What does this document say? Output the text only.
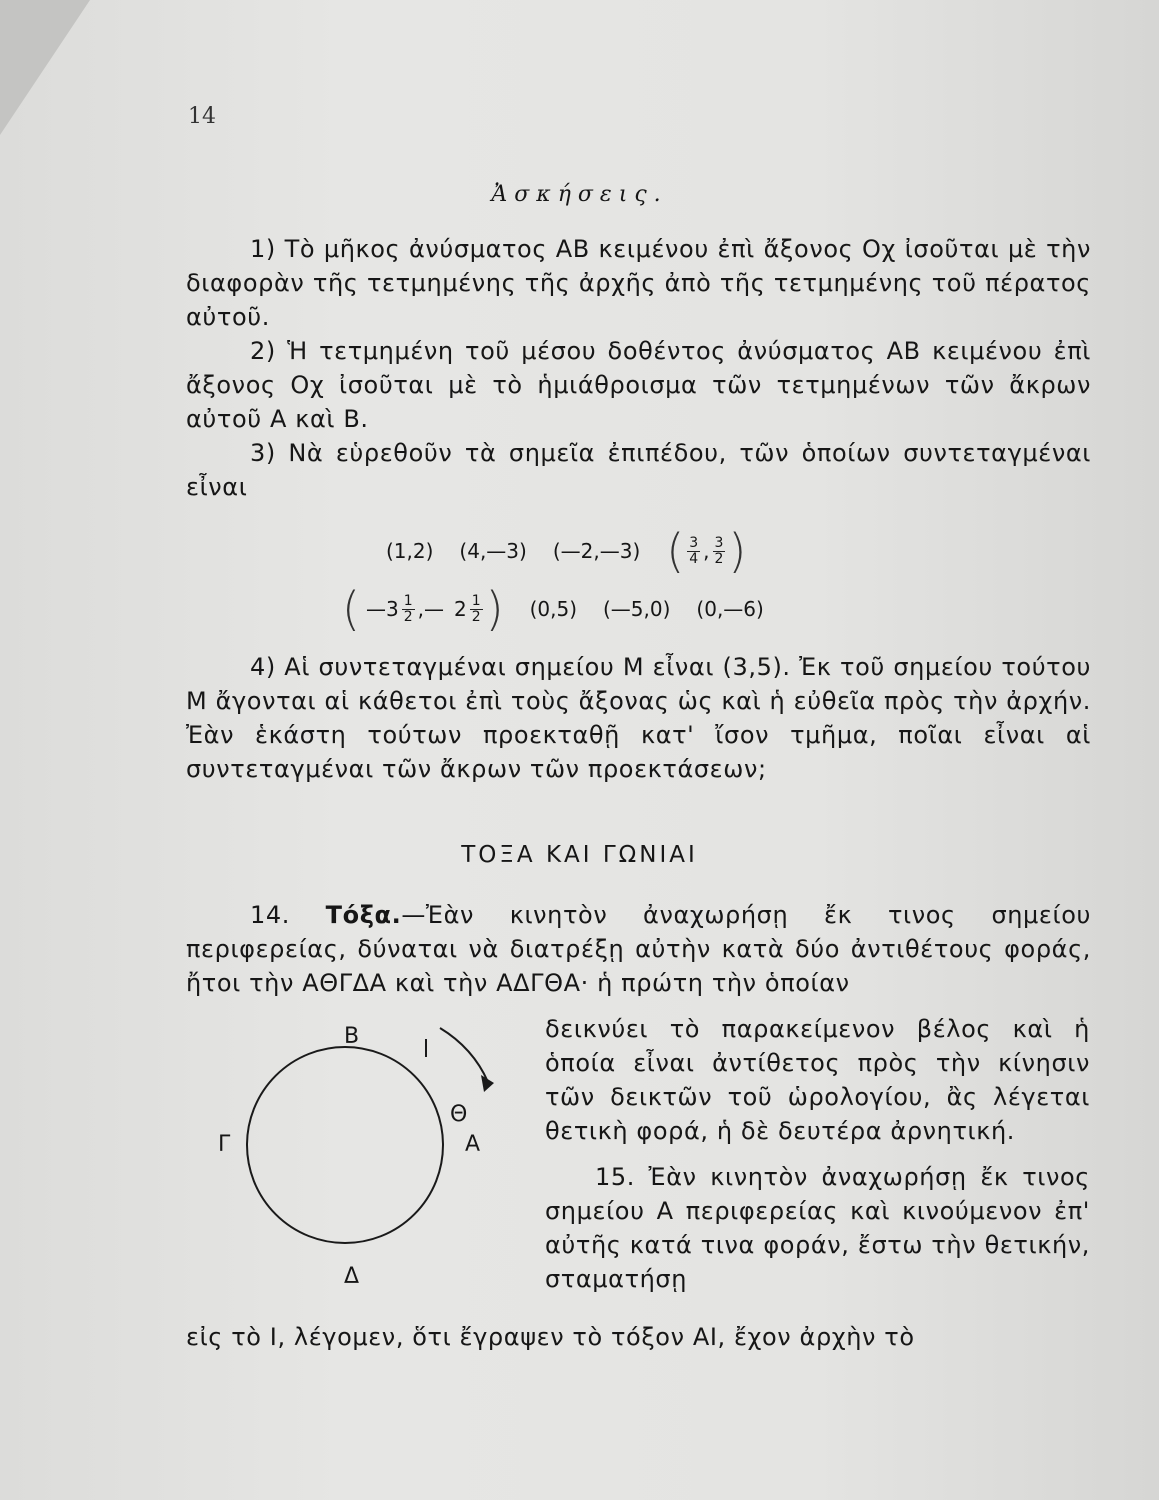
14
Ἀσκήσεις.

1) Τὸ μῆκος ἀνύσματος ΑΒ κειμένου ἐπὶ ἄξονος Οχ ἰσοῦται μὲ τὴν διαφορὰν τῆς τετμημένης τῆς ἀρχῆς ἀπὸ τῆς τετμημένης τοῦ πέρατος αὐτοῦ.

2) Ἡ τετμημένη τοῦ μέσου δοθέντος ἀνύσματος ΑΒ κειμένου ἐπὶ ἄξονος Οχ ἰσοῦται μὲ τὸ ἡμιάθροισμα τῶν τετμημένων τῶν ἄκρων αὐτοῦ Α καὶ Β.

3) Νὰ εὑρεθοῦν τὰ σημεῖα ἐπιπέδου, τῶν ὁποίων συντεταγμέναι εἶναι

(1,2) (4,—3) (—2,—3) ( $\frac{3}{4}$ , $\frac{3}{2}$ )
( —3 $\frac{1}{2}$ ,— $2 \frac{1}{2}$ ) (0,5) (—5,0) (0,—6)

4) Αἱ συντεταγμέναι σημείου Μ εἶναι (3,5). Ἐκ τοῦ σημείου τούτου Μ ἄγονται αἱ κάθετοι ἐπὶ τοὺς ἄξονας ὡς καὶ ἡ εὐθεῖα πρὸς τὴν ἀρχήν. Ἐὰν ἑκάστη τούτων προεκταθῇ κατ' ἴσον τμῆμα, ποῖαι εἶναι αἱ συντεταγμέναι τῶν ἄκρων τῶν προεκτάσεων;

ΤΟΞΑ ΚΑΙ ΓΩΝΙΑΙ

14. Τόξα.—Ἐὰν κινητὸν ἀναχωρήσῃ ἔκ τινος σημείου περιφερείας, δύναται νὰ διατρέξῃ αὐτὴν κατὰ δύο ἀντιθέτους φοράς, ἤτοι τὴν ΑΘΓΔΑ καὶ τὴν ΑΔΓΘΑ· ἡ πρώτη τὴν ὁποίαν

δεικνύει τὸ παρακείμενον βέλος καὶ ἡ ὁποία εἶναι ἀντίθετος πρὸς τὴν κίνησιν τῶν δεικτῶν τοῦ ὡρολογίου, ἂς λέγεται θετικὴ φορά, ἡ δὲ δευτέρα ἀρνητική.

15. Ἐὰν κινητὸν ἀναχωρήσῃ ἔκ τινος σημείου Α περιφερείας καὶ κινούμενον ἐπ' αὐτῆς κατά τινα φοράν, ἔστω τὴν θετικήν, σταματήσῃ

εἰς τὸ Ι, λέγομεν, ὅτι ἔγραψεν τὸ τόξον ΑΙ, ἔχον ἀρχὴν τὸ
Β
Θ
Α
Γ
Δ
